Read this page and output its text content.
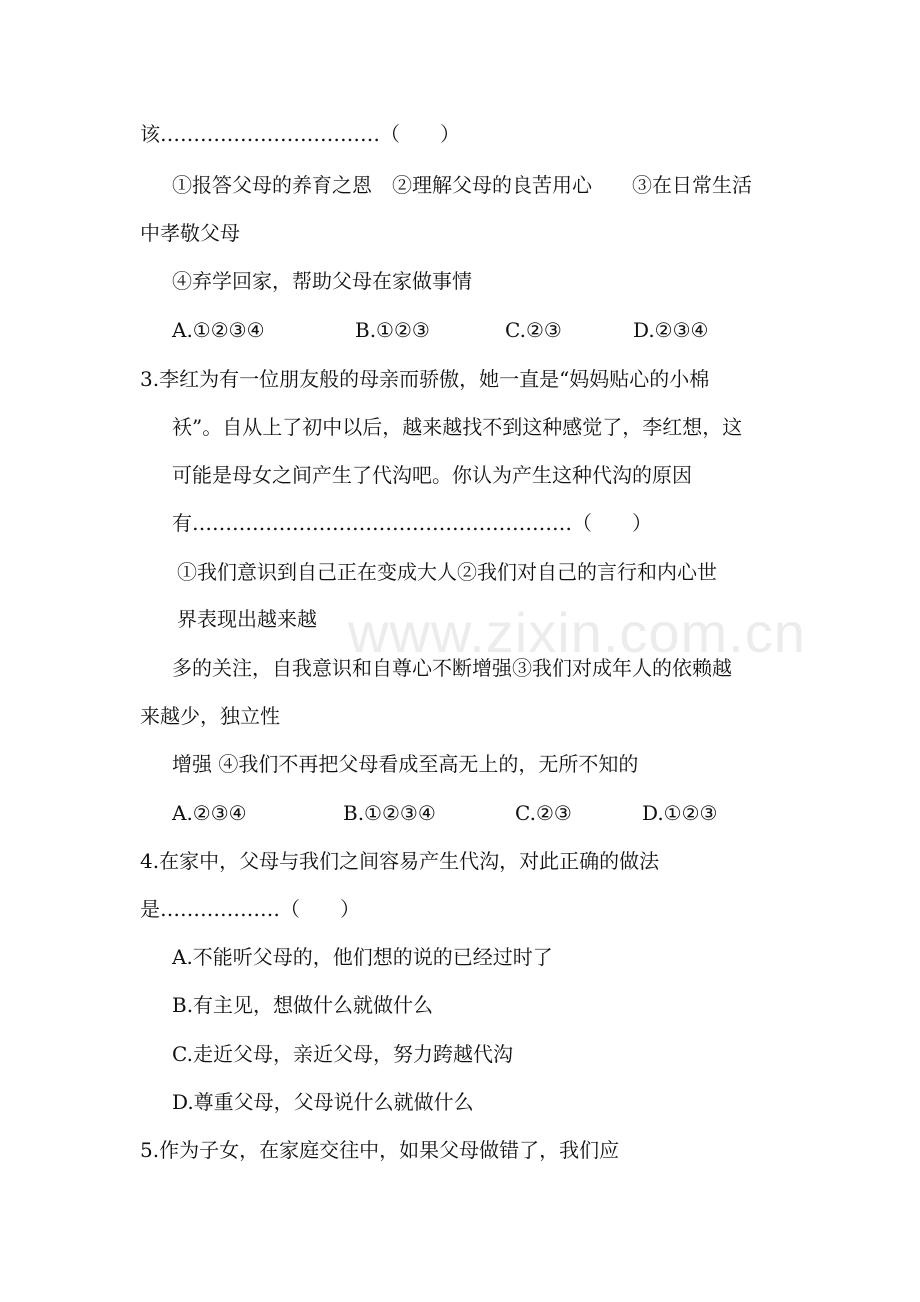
www.zixin.com.cn
该……………………………（　　）
①报答父母的养育之恩　②理解父母的良苦用心　　③在日常生活
中孝敬父母
④弃学回家，帮助父母在家做事情
A.①②③④	B.①②③	C.②③	D.②③④
3.李红为有一位朋友般的母亲而骄傲，她一直是“妈妈贴心的小棉
袄”。自从上了初中以后，越来越找不到这种感觉了，李红想，这
可能是母女之间产生了代沟吧。你认为产生这种代沟的原因
有…………………………………………………（　　）
①我们意识到自己正在变成大人②我们对自己的言行和内心世
界表现出越来越
多的关注，自我意识和自尊心不断增强③我们对成年人的依赖越
来越少，独立性
增强 ④我们不再把父母看成至高无上的，无所不知的
A.②③④	B.①②③④	C.②③	D.①②③
4.在家中，父母与我们之间容易产生代沟，对此正确的做法
是………………（　　）
A.不能听父母的，他们想的说的已经过时了
B.有主见，想做什么就做什么
C.走近父母，亲近父母，努力跨越代沟
D.尊重父母，父母说什么就做什么
5.作为子女，在家庭交往中，如果父母做错了，我们应
